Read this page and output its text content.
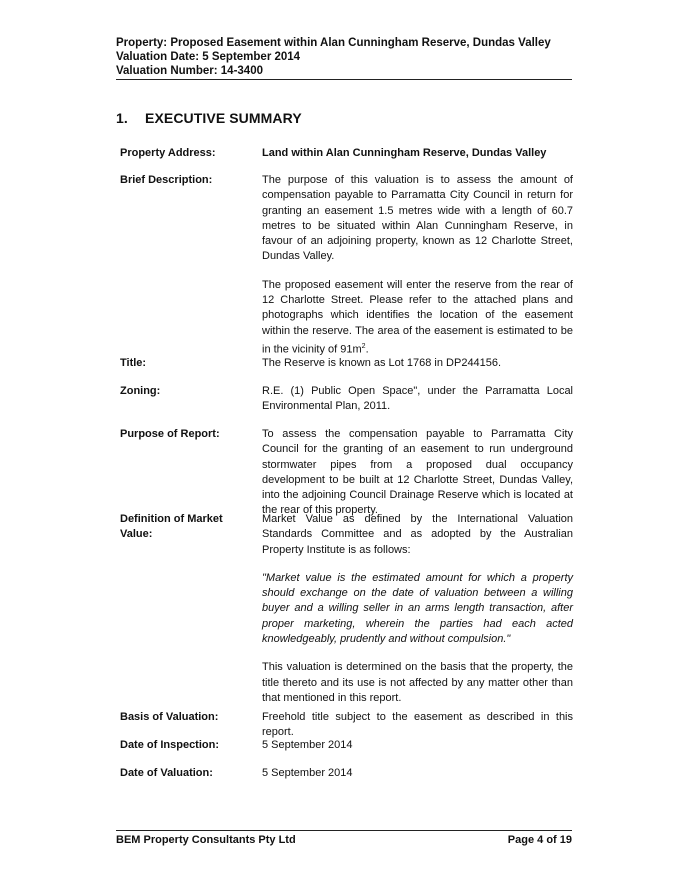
Property: Proposed Easement within Alan Cunningham Reserve, Dundas Valley
Valuation Date: 5 September 2014
Valuation Number: 14-3400
1. EXECUTIVE SUMMARY
Property Address:	Land within Alan Cunningham Reserve, Dundas Valley
Brief Description:	The purpose of this valuation is to assess the amount of compensation payable to Parramatta City Council in return for granting an easement 1.5 metres wide with a length of 60.7 metres to be situated within Alan Cunningham Reserve, in favour of an adjoining property, known as 12 Charlotte Street, Dundas Valley.

The proposed easement will enter the reserve from the rear of 12 Charlotte Street. Please refer to the attached plans and photographs which identifies the location of the easement within the reserve. The area of the easement is estimated to be in the vicinity of $91m^2$.

Title:	The Reserve is known as Lot 1768 in DP244156.
Zoning:	R.E. (1) Public Open Space", under the Parramatta Local Environmental Plan, 2011.
Purpose of Report:	To assess the compensation payable to Parramatta City Council for the granting of an easement to run underground stormwater pipes from a proposed dual occupancy development to be built at 12 Charlotte Street, Dundas Valley, into the adjoining Council Drainage Reserve which is located at the rear of this property.
Definition of Market
Value:

Market Value as defined by the International Valuation Standards Committee and as adopted by the Australian Property Institute is as follows:

"Market value is the estimated amount for which a property should exchange on the date of valuation between a willing buyer and a willing seller in an arms length transaction, after proper marketing, wherein the parties had each acted knowledgeably, prudently and without compulsion."

This valuation is determined on the basis that the property, the title thereto and its use is not affected by any matter other than that mentioned in this report.

Basis of Valuation:	Freehold title subject to the easement as described in this report.
Date of Inspection:	5 September 2014
Date of Valuation:	5 September 2014
BEM Property Consultants Pty Ltd	Page 4 of 19
